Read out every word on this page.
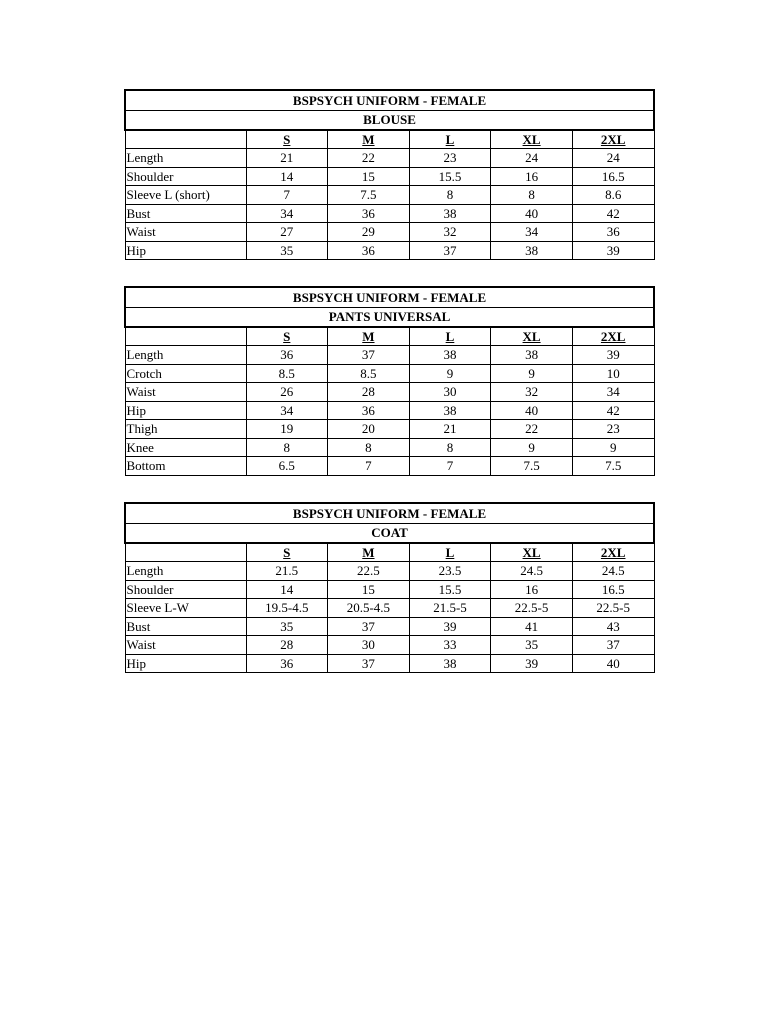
BSPSYCH UNIFORM - FEMALE					
BLOUSE					
	S	M	L	XL	2XL
Length	21	22	23	24	24
Shoulder	14	15	15.5	16	16.5
Sleeve L (short)	7	7.5	8	8	8.6
Bust	34	36	38	40	42
Waist	27	29	32	34	36
Hip	35	36	37	38	39
BSPSYCH UNIFORM - FEMALE					
PANTS UNIVERSAL					
	S	M	L	XL	2XL
Length	36	37	38	38	39
Crotch	8.5	8.5	9	9	10
Waist	26	28	30	32	34
Hip	34	36	38	40	42
Thigh	19	20	21	22	23
Knee	8	8	8	9	9
Bottom	6.5	7	7	7.5	7.5
BSPSYCH UNIFORM - FEMALE					
COAT					
	S	M	L	XL	2XL
Length	21.5	22.5	23.5	24.5	24.5
Shoulder	14	15	15.5	16	16.5
Sleeve L-W	19.5-4.5	20.5-4.5	21.5-5	22.5-5	22.5-5
Bust	35	37	39	41	43
Waist	28	30	33	35	37
Hip	36	37	38	39	40
